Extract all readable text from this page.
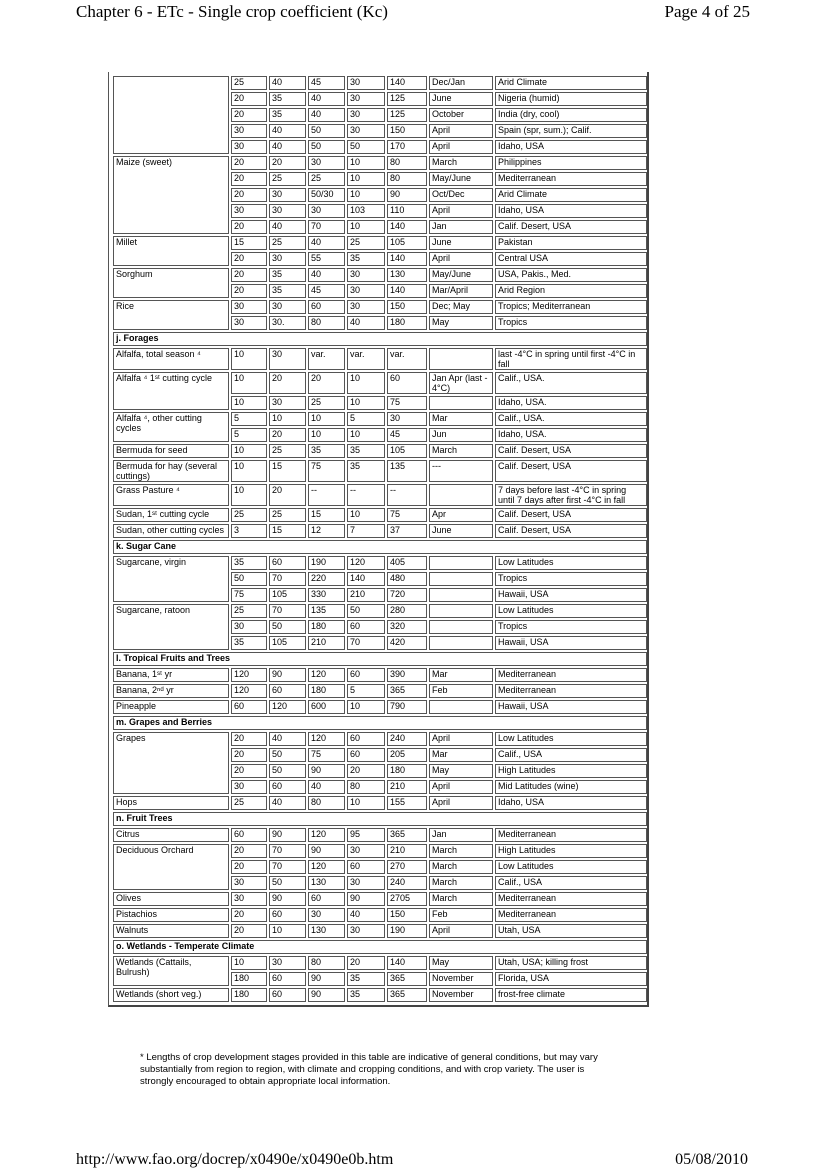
Chapter 6 - ETc - Single crop coefficient (Kc)	Page 4 of 25
	25	40	45	30	140	Dec/Jan	Arid Climate
	20	35	40	30	125	June	Nigeria (humid)
	20	35	40	30	125	October	India (dry, cool)
	30	40	50	30	150	April	Spain (spr, sum.); Calif.
	30	40	50	50	170	April	Idaho, USA
Maize (sweet)	20	20	30	10	80	March	Philippines
	20	25	25	10	80	May/June	Mediterranean
	20	30	50/30	10	90	Oct/Dec	Arid Climate
	30	30	30	103	110	April	Idaho, USA
	20	40	70	10	140	Jan	Calif. Desert, USA
Millet	15	25	40	25	105	June	Pakistan
	20	30	55	35	140	April	Central USA
Sorghum	20	35	40	30	130	May/June	USA, Pakis., Med.
	20	35	45	30	140	Mar/April	Arid Region
Rice	30	30	60	30	150	Dec; May	Tropics; Mediterranean
	30	30.	80	40	180	May	Tropics
j. Forages							
Alfalfa, total season ⁴	10	30	var.	var.	var.		last -4°C in spring until first -4°C in fall
Alfalfa ⁴ 1ˢᵗ cutting cycle	10	20	20	10	60	Jan Apr (last - 4°C)	Calif., USA.
	10	30	25	10	75		Idaho, USA.
Alfalfa ⁴, other cutting cycles	5	10	10	5	30	Mar	Calif., USA.
	5	20	10	10	45	Jun	Idaho, USA.
Bermuda for seed	10	25	35	35	105	March	Calif. Desert, USA
Bermuda for hay (several cuttings)	10	15	75	35	135	---	Calif. Desert, USA
Grass Pasture ⁴	10	20	--	--	--		7 days before last -4°C in spring until 7 days after first -4°C in fall
Sudan, 1ˢᵗ cutting cycle	25	25	15	10	75	Apr	Calif. Desert, USA
Sudan, other cutting cycles	3	15	12	7	37	June	Calif. Desert, USA
k. Sugar Cane							
Sugarcane, virgin	35	60	190	120	405		Low Latitudes
	50	70	220	140	480		Tropics
	75	105	330	210	720		Hawaii, USA
Sugarcane, ratoon	25	70	135	50	280		Low Latitudes
	30	50	180	60	320		Tropics
	35	105	210	70	420		Hawaii, USA
l. Tropical Fruits and Trees							
Banana, 1ˢᵗ yr	120	90	120	60	390	Mar	Mediterranean
Banana, 2ⁿᵈ yr	120	60	180	5	365	Feb	Mediterranean
Pineapple	60	120	600	10	790		Hawaii, USA
m. Grapes and Berries							
Grapes	20	40	120	60	240	April	Low Latitudes
	20	50	75	60	205	Mar	Calif., USA
	20	50	90	20	180	May	High Latitudes
	30	60	40	80	210	April	Mid Latitudes (wine)
Hops	25	40	80	10	155	April	Idaho, USA
n. Fruit Trees							
Citrus	60	90	120	95	365	Jan	Mediterranean
Deciduous Orchard	20	70	90	30	210	March	High Latitudes
	20	70	120	60	270	March	Low Latitudes
	30	50	130	30	240	March	Calif., USA
Olives	30	90	60	90	2705	March	Mediterranean
Pistachios	20	60	30	40	150	Feb	Mediterranean
Walnuts	20	10	130	30	190	April	Utah, USA
o. Wetlands - Temperate Climate							
Wetlands (Cattails, Bulrush)	10	30	80	20	140	May	Utah, USA; killing frost
	180	60	90	35	365	November	Florida, USA
Wetlands (short veg.)	180	60	90	35	365	November	frost-free climate
* Lengths of crop development stages provided in this table are indicative of general conditions, but may vary substantially from region to region, with climate and cropping conditions, and with crop variety. The user is strongly encouraged to obtain appropriate local information.
http://www.fao.org/docrep/x0490e/x0490e0b.htm	05/08/2010
